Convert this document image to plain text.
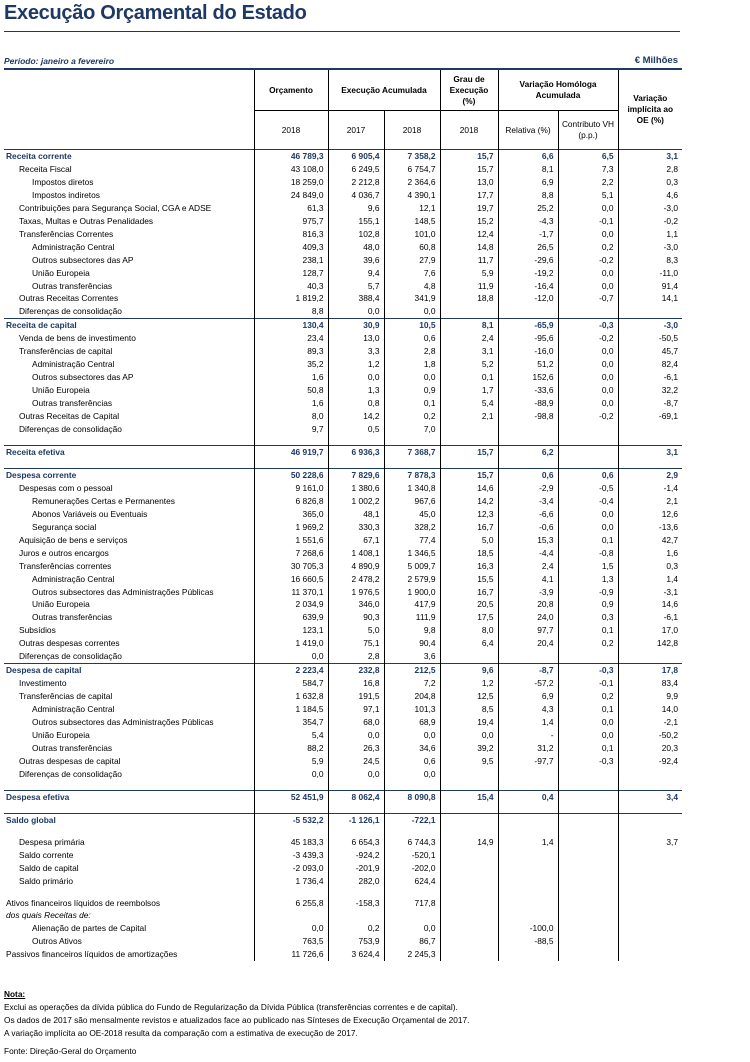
Execução Orçamental do Estado
Período: janeiro a fevereiro	€ Milhões
	Orçamento	Execução Acumulada		Grau de Execução (%)	Variação Homóloga Acumulada		Variação implícita ao OE (%)
	2018	2017	2018	2018	Relativa (%)	Contributo VH (p.p.)	
Receita corrente	46 789,3	6 905,4	7 358,2	15,7	6,6	6,5	3,1
Receita Fiscal	43 108,0	6 249,5	6 754,7	15,7	8,1	7,3	2,8
Impostos diretos	18 259,0	2 212,8	2 364,6	13,0	6,9	2,2	0,3
Impostos indiretos	24 849,0	4 036,7	4 390,1	17,7	8,8	5,1	4,6
Contribuições para Segurança Social, CGA e ADSE	61,3	9,6	12,1	19,7	25,2	0,0	-3,0
Taxas, Multas e Outras Penalidades	975,7	155,1	148,5	15,2	-4,3	-0,1	-0,2
Transferências Correntes	816,3	102,8	101,0	12,4	-1,7	0,0	1,1
Administração Central	409,3	48,0	60,8	14,8	26,5	0,2	-3,0
Outros subsectores das AP	238,1	39,6	27,9	11,7	-29,6	-0,2	8,3
União Europeia	128,7	9,4	7,6	5,9	-19,2	0,0	-11,0
Outras transferências	40,3	5,7	4,8	11,9	-16,4	0,0	91,4
Outras Receitas Correntes	1 819,2	388,4	341,9	18,8	-12,0	-0,7	14,1
Diferenças de consolidação	8,8	0,0	0,0				
Receita de capital	130,4	30,9	10,5	8,1	-65,9	-0,3	-3,0
Venda de bens de investimento	23,4	13,0	0,6	2,4	-95,6	-0,2	-50,5
Transferências de capital	89,3	3,3	2,8	3,1	-16,0	0,0	45,7
Administração Central	35,2	1,2	1,8	5,2	51,2	0,0	82,4
Outros subsectores das AP	1,6	0,0	0,0	0,1	152,6	0,0	-6,1
União Europeia	50,8	1,3	0,9	1,7	-33,6	0,0	32,2
Outras transferências	1,6	0,8	0,1	5,4	-88,9	0,0	-8,7
Outras Receitas de Capital	8,0	14,2	0,2	2,1	-98,8	-0,2	-69,1
Diferenças de consolidação	9,7	0,5	7,0				

Receita efetiva	46 919,7	6 936,3	7 368,7	15,7	6,2		3,1

Despesa corrente	50 228,6	7 829,6	7 878,3	15,7	0,6	0,6	2,9
Despesas com o pessoal	9 161,0	1 380,6	1 340,8	14,6	-2,9	-0,5	-1,4
Remunerações Certas e Permanentes	6 826,8	1 002,2	967,6	14,2	-3,4	-0,4	2,1
Abonos Variáveis ou Eventuais	365,0	48,1	45,0	12,3	-6,6	0,0	12,6
Segurança social	1 969,2	330,3	328,2	16,7	-0,6	0,0	-13,6
Aquisição de bens e serviços	1 551,6	67,1	77,4	5,0	15,3	0,1	42,7
Juros e outros encargos	7 268,6	1 408,1	1 346,5	18,5	-4,4	-0,8	1,6
Transferências correntes	30 705,3	4 890,9	5 009,7	16,3	2,4	1,5	0,3
Administração Central	16 660,5	2 478,2	2 579,9	15,5	4,1	1,3	1,4
Outros subsectores das Administrações Públicas	11 370,1	1 976,5	1 900,0	16,7	-3,9	-0,9	-3,1
União Europeia	2 034,9	346,0	417,9	20,5	20,8	0,9	14,6
Outras transferências	639,9	90,3	111,9	17,5	24,0	0,3	-6,1
Subsídios	123,1	5,0	9,8	8,0	97,7	0,1	17,0
Outras despesas correntes	1 419,0	75,1	90,4	6,4	20,4	0,2	142,8
Diferenças de consolidação	0,0	2,8	3,6				
Despesa de capital	2 223,4	232,8	212,5	9,6	-8,7	-0,3	17,8
Investimento	584,7	16,8	7,2	1,2	-57,2	-0,1	83,4
Transferências de capital	1 632,8	191,5	204,8	12,5	6,9	0,2	9,9
Administração Central	1 184,5	97,1	101,3	8,5	4,3	0,1	14,0
Outros subsectores das Administrações Públicas	354,7	68,0	68,9	19,4	1,4	0,0	-2,1
União Europeia	5,4	0,0	0,0	0,0	-	0,0	-50,2
Outras transferências	88,2	26,3	34,6	39,2	31,2	0,1	20,3
Outras despesas de capital	5,9	24,5	0,6	9,5	-97,7	-0,3	-92,4
Diferenças de consolidação	0,0	0,0	0,0				

Despesa efetiva	52 451,9	8 062,4	8 090,8	15,4	0,4		3,4

Saldo global	-5 532,2	-1 126,1	-722,1				

Despesa primária	45 183,3	6 654,3	6 744,3	14,9	1,4		3,7
Saldo corrente	-3 439,3	-924,2	-520,1				
Saldo de capital	-2 093,0	-201,9	-202,0				
Saldo primário	1 736,4	282,0	624,4				

Ativos financeiros líquidos de reembolsos	6 255,8	-158,3	717,8				
dos quais Receitas de:							
Alienação de partes de Capital	0,0	0,2	0,0		-100,0		
Outros Ativos	763,5	753,9	86,7		-88,5		
Passivos financeiros líquidos de amortizações	11 726,6	3 624,4	2 245,3				
Nota:
Exclui as operações da dívida pública do Fundo de Regularização da Dívida Pública (transferências correntes e de capital).
Os dados de 2017 são mensalmente revistos e atualizados face ao publicado nas Sínteses de Execução Orçamental de 2017.
A variação implícita ao OE-2018 resulta da comparação com a estimativa de execução de 2017.
Fonte: Direção-Geral do Orçamento
